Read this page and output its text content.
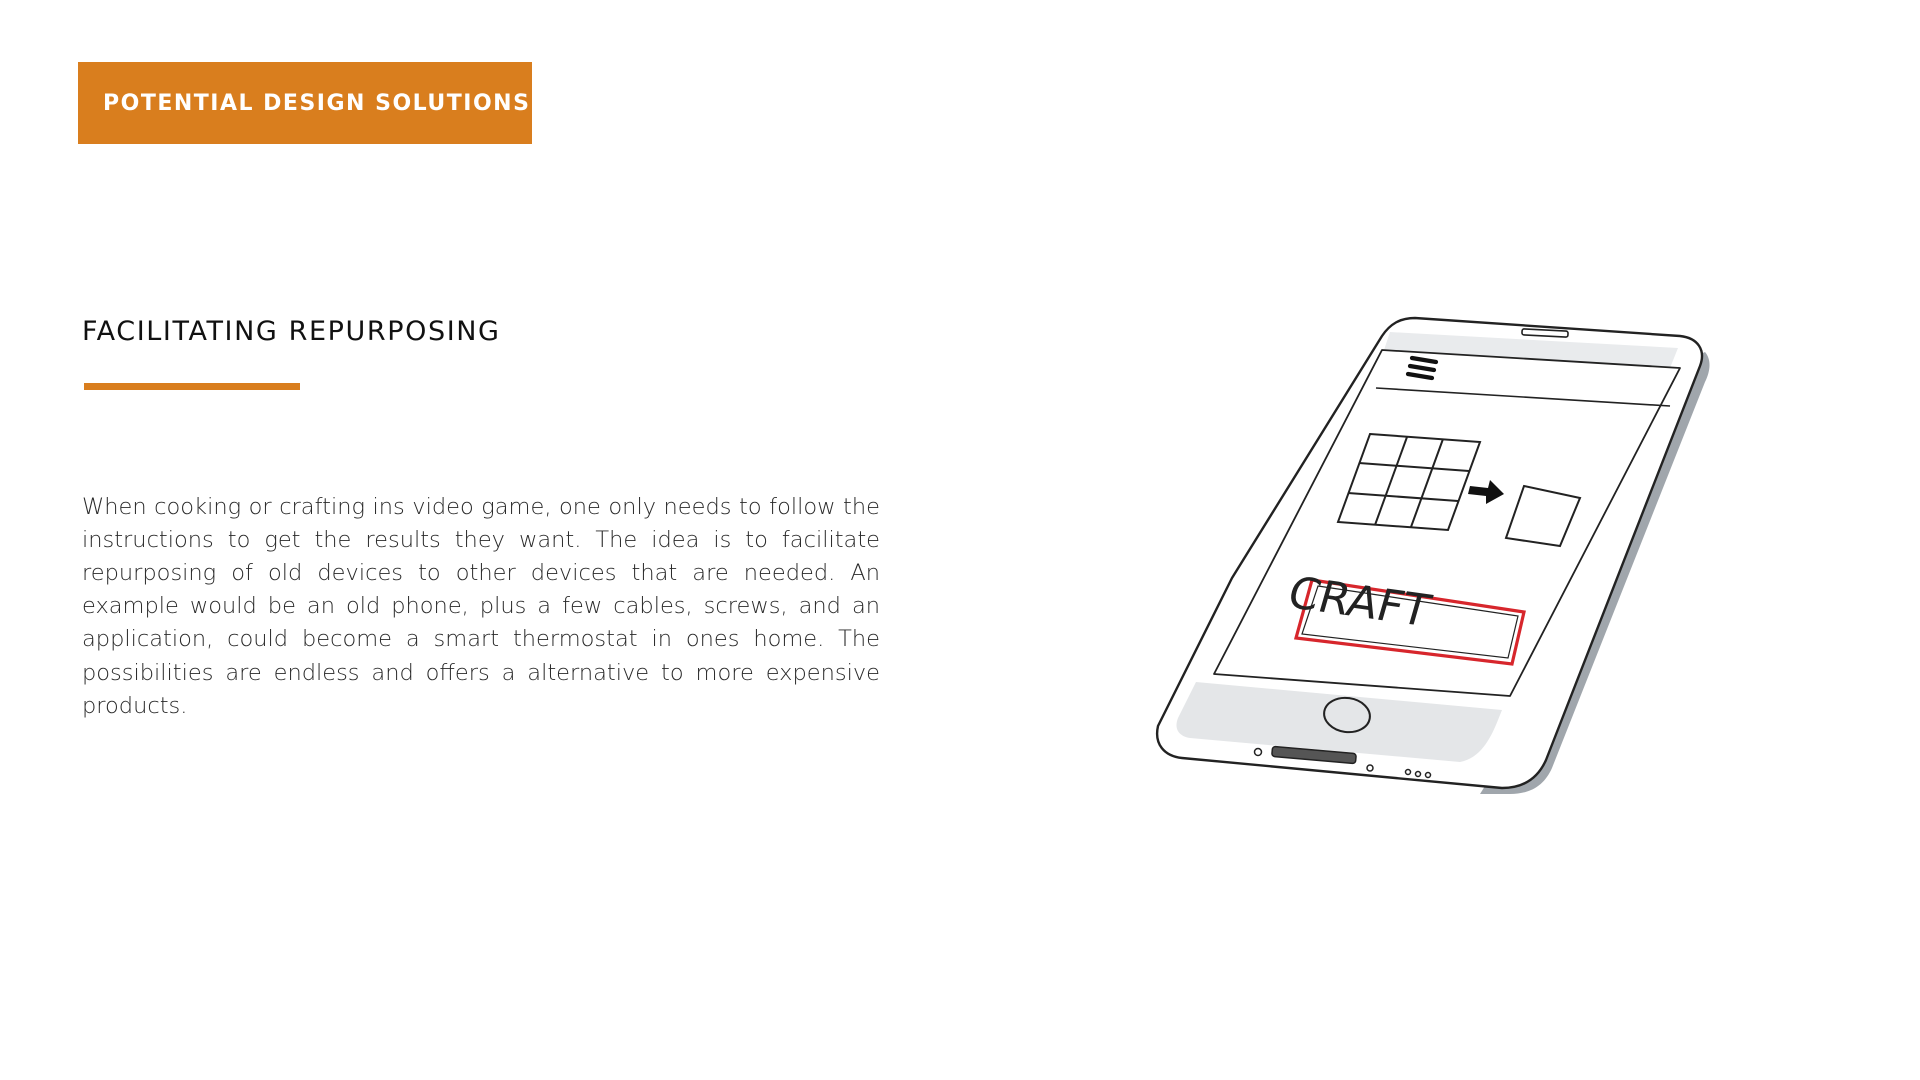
POTENTIAL DESIGN SOLUTIONS
FACILITATING REPURPOSING

When cooking or crafting ins video game, one only needs to follow the instructions to get the results they want. The idea is to facilitate repurposing of old devices to other devices that are needed. An example would be an old phone, plus a few cables, screws, and an application, could become a smart thermostat in ones home. The possibilities are endless and offers a alternative to more expensive products.

CRAFT
